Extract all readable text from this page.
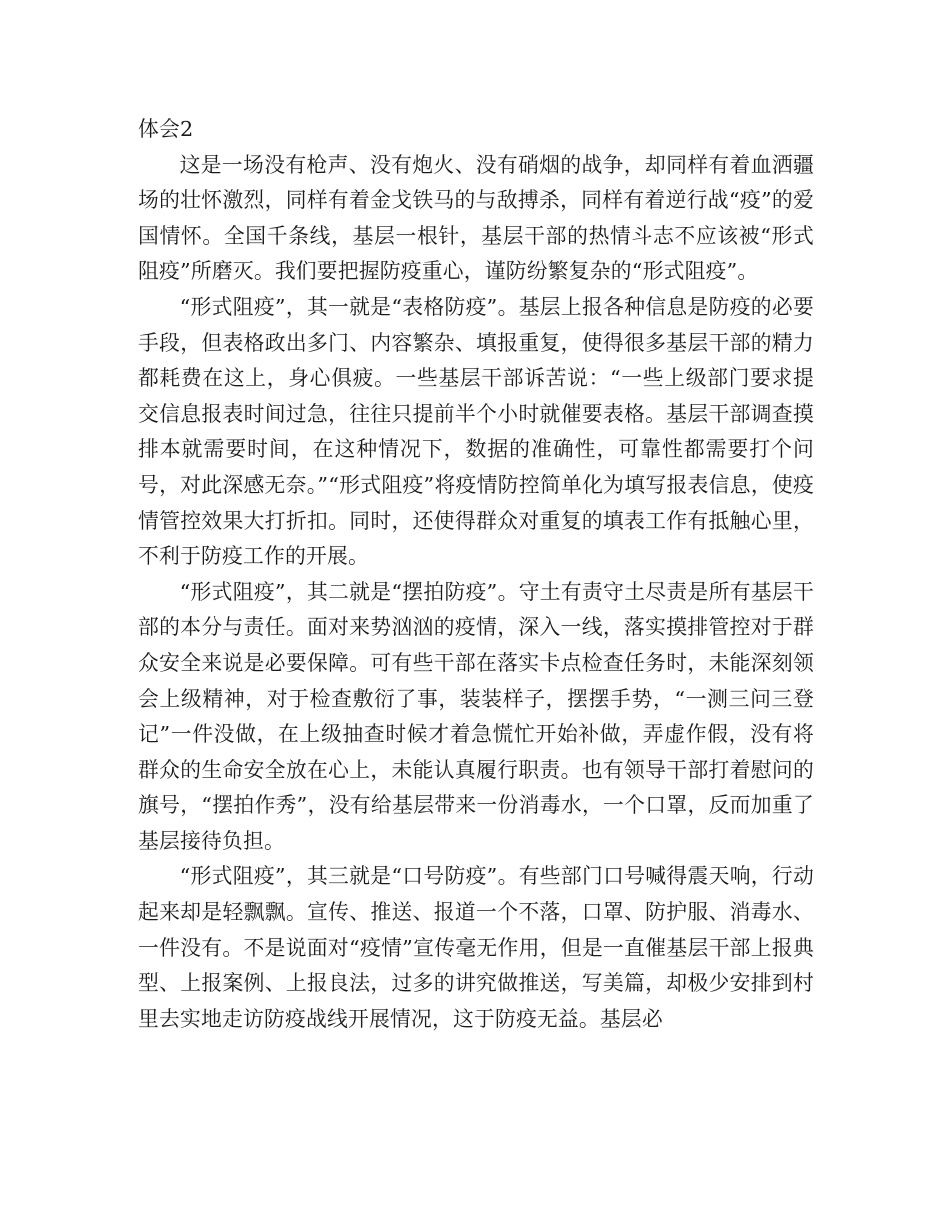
体会2

这是一场没有枪声、没有炮火、没有硝烟的战争，却同样有着血洒疆场的壮怀激烈，同样有着金戈铁马的与敌搏杀，同样有着逆行战“疫”的爱国情怀。全国千条线，基层一根针，基层干部的热情斗志不应该被“形式阻疫”所磨灭。我们要把握防疫重心，谨防纷繁复杂的“形式阻疫”。

“形式阻疫”，其一就是“表格防疫”。基层上报各种信息是防疫的必要手段，但表格政出多门、内容繁杂、填报重复，使得很多基层干部的精力都耗费在这上，身心俱疲。一些基层干部诉苦说：“一些上级部门要求提交信息报表时间过急，往往只提前半个小时就催要表格。基层干部调查摸排本就需要时间，在这种情况下，数据的准确性，可靠性都需要打个问号，对此深感无奈。”“形式阻疫”将疫情防控简单化为填写报表信息，使疫情管控效果大打折扣。同时，还使得群众对重复的填表工作有抵触心里，不利于防疫工作的开展。

“形式阻疫”，其二就是“摆拍防疫”。守土有责守土尽责是所有基层干部的本分与责任。面对来势汹汹的疫情，深入一线，落实摸排管控对于群众安全来说是必要保障。可有些干部在落实卡点检查任务时，未能深刻领会上级精神，对于检查敷衍了事，装装样子，摆摆手势，“一测三问三登记”一件没做，在上级抽查时候才着急慌忙开始补做，弄虚作假，没有将群众的生命安全放在心上，未能认真履行职责。也有领导干部打着慰问的旗号，“摆拍作秀”，没有给基层带来一份消毒水，一个口罩，反而加重了基层接待负担。

“形式阻疫”，其三就是“口号防疫”。有些部门口号喊得震天响，行动起来却是轻飘飘。宣传、推送、报道一个不落，口罩、防护服、消毒水、一件没有。不是说面对“疫情”宣传毫无作用，但是一直催基层干部上报典型、上报案例、上报良法，过多的讲究做推送，写美篇，却极少安排到村里去实地走访防疫战线开展情况，这于防疫无益。基层必
